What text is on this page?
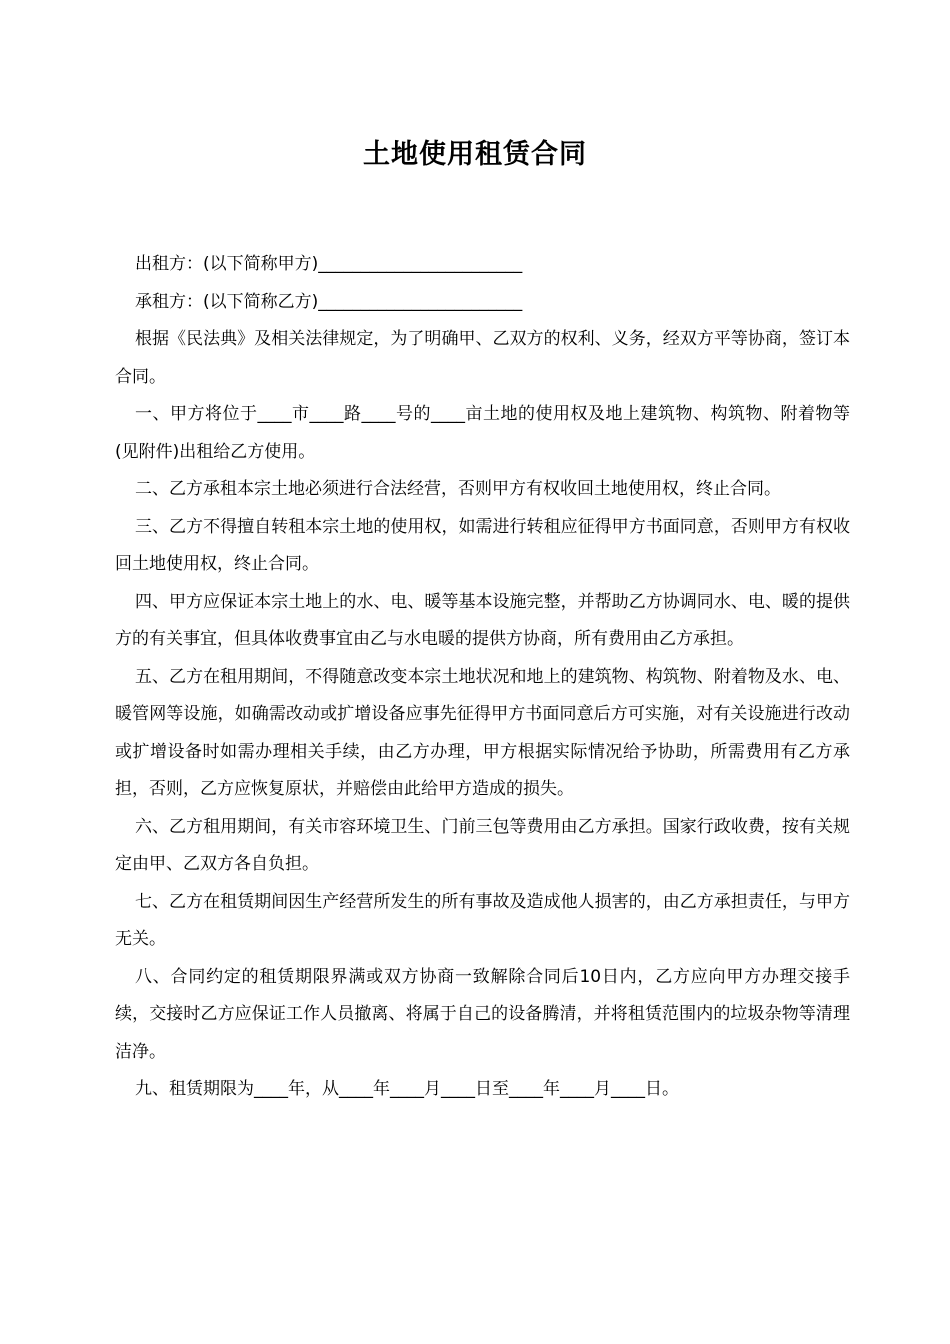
土地使用租赁合同

出租方：(以下简称甲方)________________________

承租方：(以下简称乙方)________________________

根据《民法典》及相关法律规定，为了明确甲、乙双方的权利、义务，经双方平等协商，签订本合同。

一、甲方将位于____市____路____号的____亩土地的使用权及地上建筑物、构筑物、附着物等(见附件)出租给乙方使用。

二、乙方承租本宗土地必须进行合法经营，否则甲方有权收回土地使用权，终止合同。

三、乙方不得擅自转租本宗土地的使用权，如需进行转租应征得甲方书面同意，否则甲方有权收回土地使用权，终止合同。

四、甲方应保证本宗土地上的水、电、暖等基本设施完整，并帮助乙方协调同水、电、暖的提供方的有关事宜，但具体收费事宜由乙与水电暖的提供方协商，所有费用由乙方承担。

五、乙方在租用期间，不得随意改变本宗土地状况和地上的建筑物、构筑物、附着物及水、电、暖管网等设施，如确需改动或扩增设备应事先征得甲方书面同意后方可实施，对有关设施进行改动或扩增设备时如需办理相关手续，由乙方办理，甲方根据实际情况给予协助，所需费用有乙方承担，否则，乙方应恢复原状，并赔偿由此给甲方造成的损失。

六、乙方租用期间，有关市容环境卫生、门前三包等费用由乙方承担。国家行政收费，按有关规定由甲、乙双方各自负担。

七、乙方在租赁期间因生产经营所发生的所有事故及造成他人损害的，由乙方承担责任，与甲方无关。

八、合同约定的租赁期限界满或双方协商一致解除合同后10日内，乙方应向甲方办理交接手续，交接时乙方应保证工作人员撤离、将属于自己的设备腾清，并将租赁范围内的垃圾杂物等清理洁净。

九、租赁期限为____年，从____年____月____日至____年____月____日。
